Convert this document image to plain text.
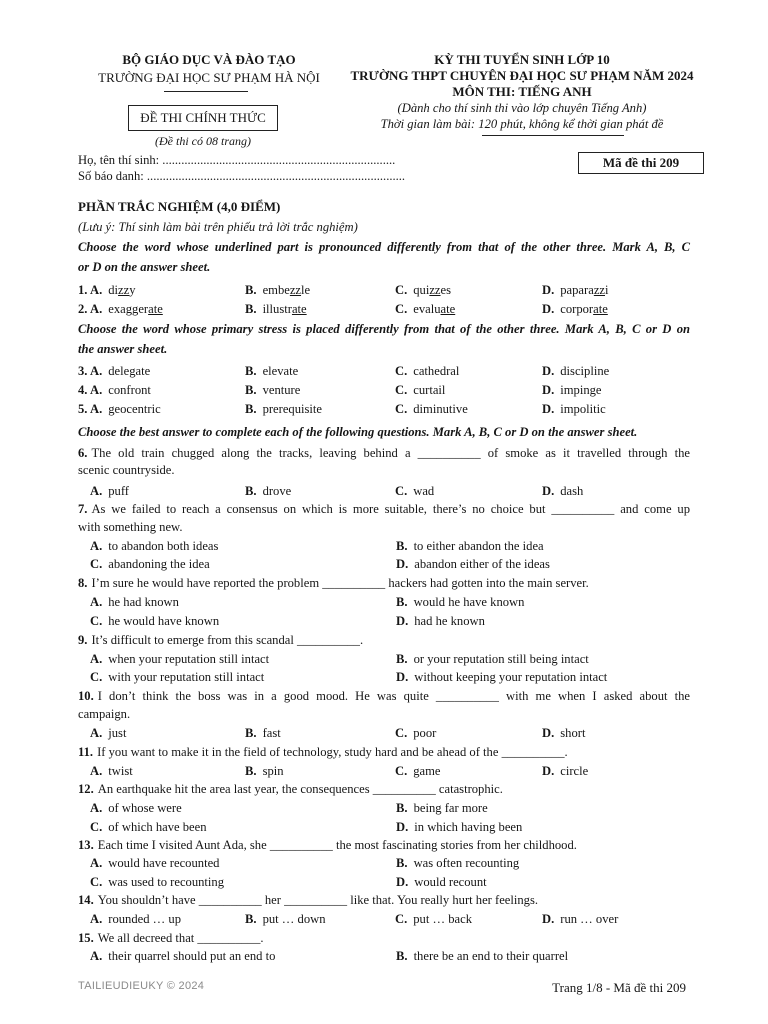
BỘ GIÁO DỤC VÀ ĐÀO TẠO
TRƯỜNG ĐẠI HỌC SƯ PHẠM HÀ NỘI
KỲ THI TUYỂN SINH LỚP 10
TRƯỜNG THPT CHUYÊN ĐẠI HỌC SƯ PHẠM NĂM 2024
MÔN THI: TIẾNG ANH
(Dành cho thí sinh thi vào lớp chuyên Tiếng Anh)
Thời gian làm bài: 120 phút, không kể thời gian phát đề
ĐỀ THI CHÍNH THỨC
(Đề thi có 08 trang)
Họ, tên thí sinh: ..........................................................................
Số báo danh: ..................................................................................
Mã đề thi 209
PHẦN TRẮC NGHIỆM (4,0 ĐIỂM)
(Lưu ý: Thí sinh làm bài trên phiếu trả lời trắc nghiệm)
Choose the word whose underlined part is pronounced differently from that of the other three. Mark A, B, C
or D on the answer sheet.
Choose the word whose primary stress is placed differently from that of the other three. Mark A, B, C or D on
the answer sheet.
Choose the best answer to complete each of the following questions. Mark A, B, C or D on the answer sheet.
TAILIEUDIEUKY © 2024	Trang 1/8 - Mã đề thi 209
1. A. dizzy	B. embezzle	C. quizzes	D. paparazzi
2. A. exaggerate	B. illustrate	C. evaluate	D. corporate
3. A. delegate	B. elevate	C. cathedral	D. discipline
4. A. confront	B. venture	C. curtail	D. impinge
5. A. geocentric	B. prerequisite	C. diminutive	D. impolitic
6. The old train chugged along the tracks, leaving behind a __________ of smoke as it travelled through the
scenic countryside.
A. puff	B. drove	C. wad	D. dash
7. As we failed to reach a consensus on which is more suitable, there’s no choice but __________ and come up
with something new.
A. to abandon both ideas	B. to either abandon the idea
C. abandoning the idea	D. abandon either of the ideas
8. I’m sure he would have reported the problem __________ hackers had gotten into the main server.
A. he had known	B. would he have known
C. he would have known	D. had he known
9. It’s difficult to emerge from this scandal __________.
A. when your reputation still intact	B. or your reputation still being intact
C. with your reputation still intact	D. without keeping your reputation intact
10. I don’t think the boss was in a good mood. He was quite __________ with me when I asked about the
campaign.
A. just	B. fast	C. poor	D. short
11. If you want to make it in the field of technology, study hard and be ahead of the __________.
A. twist	B. spin	C. game	D. circle
12. An earthquake hit the area last year, the consequences __________ catastrophic.
A. of whose were	B. being far more
C. of which have been	D. in which having been
13. Each time I visited Aunt Ada, she __________ the most fascinating stories from her childhood.
A. would have recounted	B. was often recounting
C. was used to recounting	D. would recount
14. You shouldn’t have __________ her __________ like that. You really hurt her feelings.
A. rounded … up	B. put … down	C. put … back	D. run … over
15. We all decreed that __________.
A. their quarrel should put an end to	B. there be an end to their quarrel
